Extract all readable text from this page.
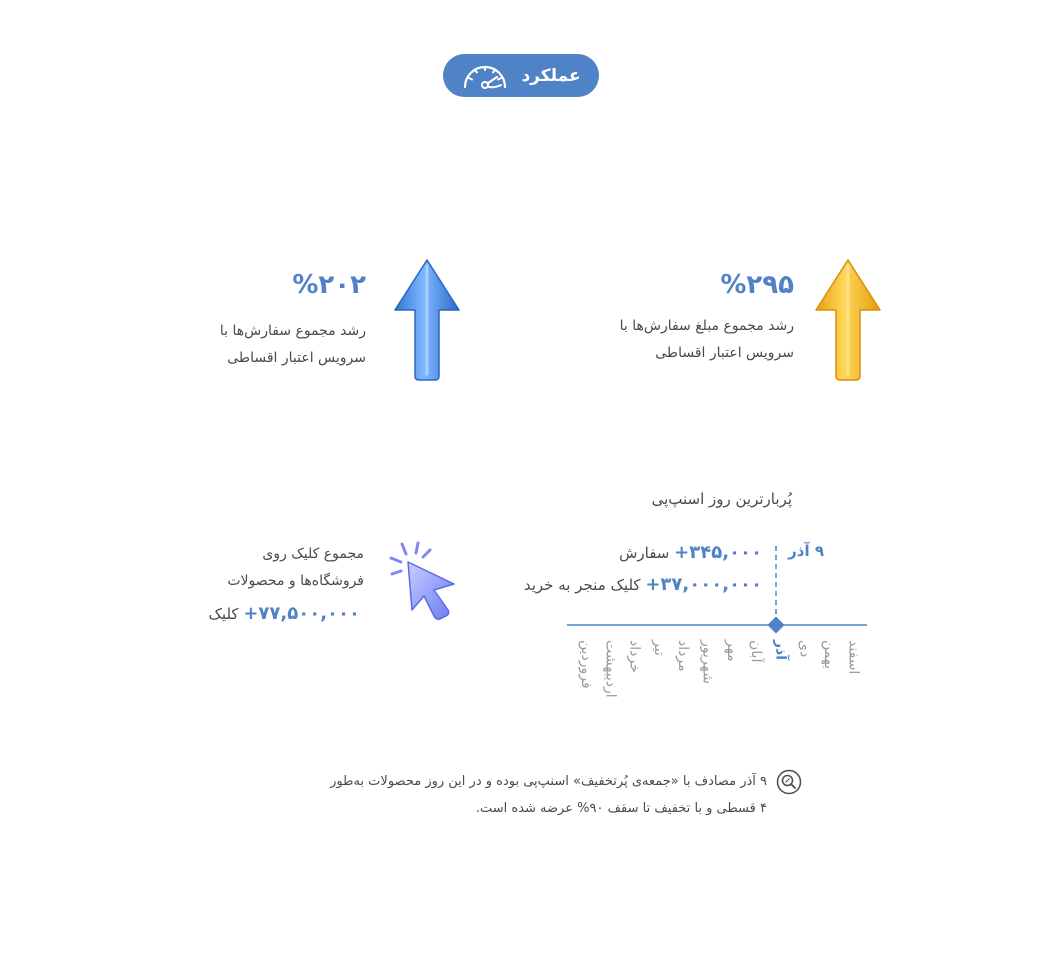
عملکرد
%۲۹۵
رشد مجموع مبلغ سفارش‌ها با
سرویس اعتبار اقساطی
%۲۰۲
رشد مجموع سفارش‌ها با
سرویس اعتبار اقساطی
پُربارترین روز اسنپ‌پی
۹ آذر
+۳۴۵,۰۰۰ سفارش
+۳۷,۰۰۰,۰۰۰ کلیک منجر به خرید
فروردین اردیبهشت خرداد تیر مرداد شهریور مهر آبان آذر دی بهمن اسفند
مجموع کلیک روی
فروشگاه‌ها و محصولات
+۷۷,۵۰۰,۰۰۰ کلیک
۹ آذر مصادف با «جمعه‌ی پُرتخفیف» اسنپ‌پی بوده و در این روز محصولات به‌طور
۴ قسطی و با تخفیف تا سقف ۹۰% عرضه شده است.
